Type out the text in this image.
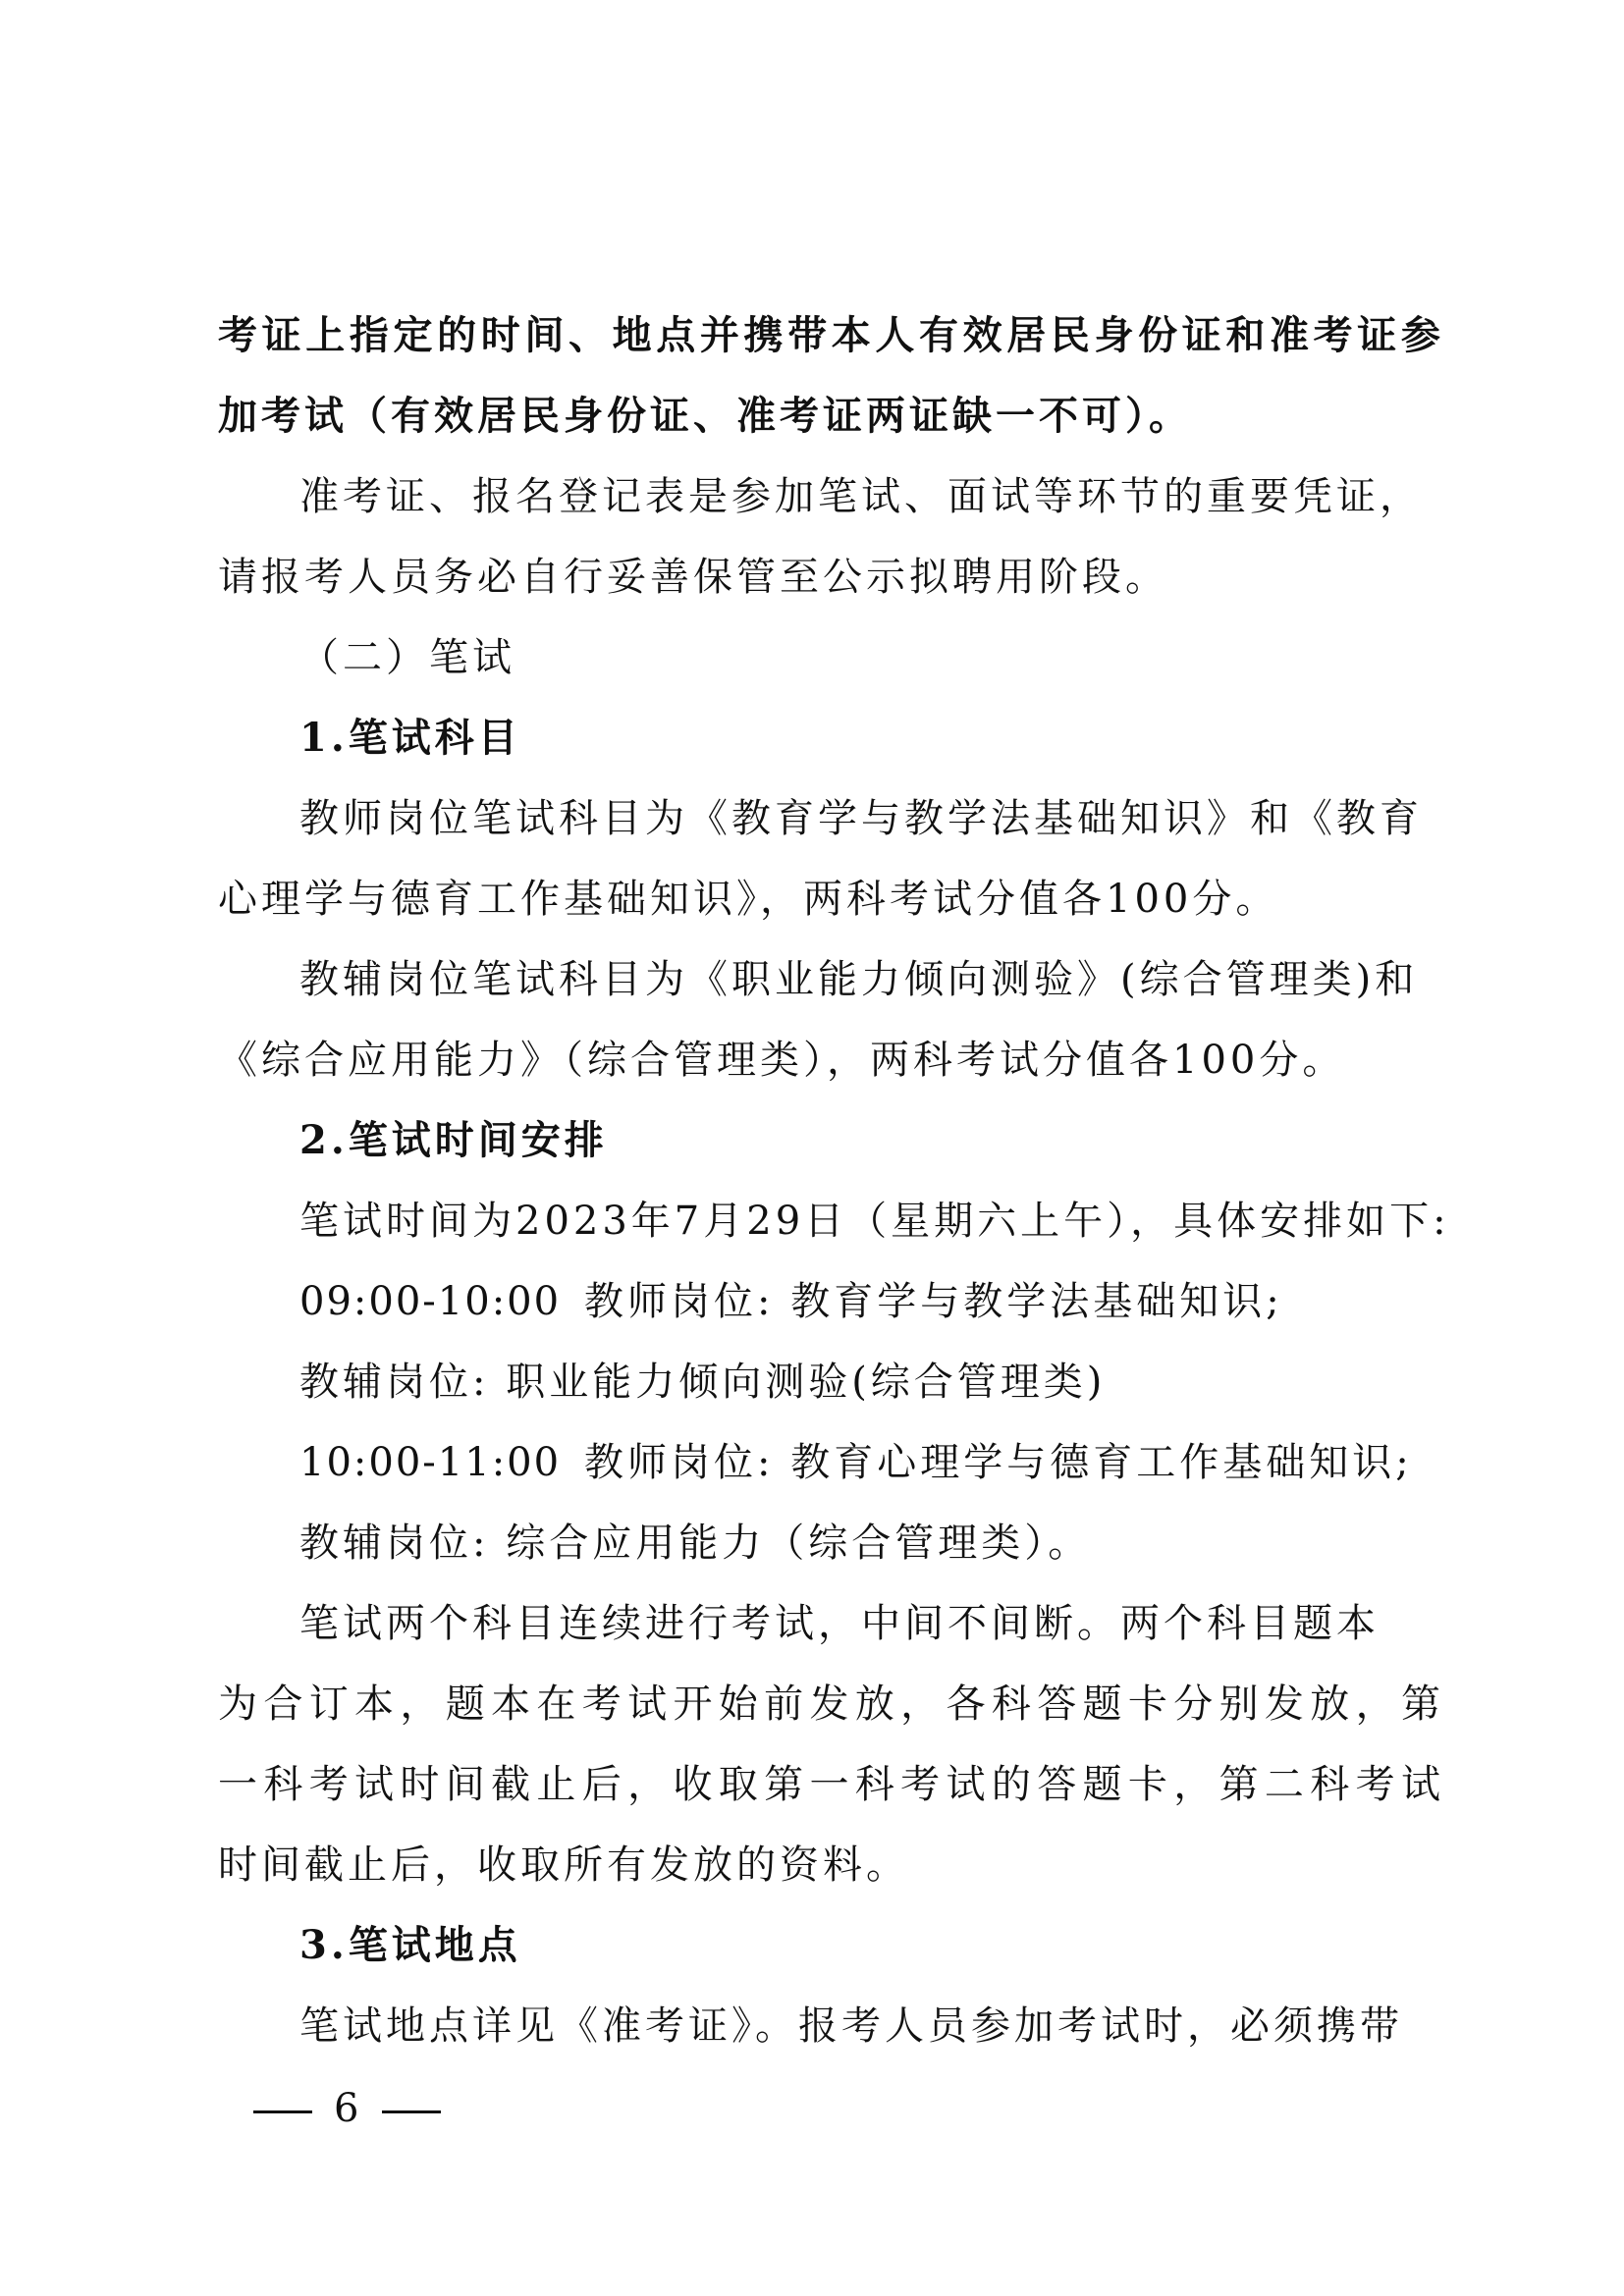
考 证 上 指 定 的 时 间 、 地 点 并 携 带 本 人 有 效 居 民 身 份 证 和 准 考 证 参
加考试（有效居民身份证、准考证两证缺一不可）。
准考证、报名登记表是参加笔试、面试等环节的重要凭证，
请报考人员务必自行妥善保管至公示拟聘用阶段。
（二）笔试
1.笔试科目
教师岗位笔试科目为《教育学与教学法基础知识》和《教育
心理学与德育工作基础知识》，两科考试分值各100分。
教辅岗位笔试科目为《职业能力倾向测验》(综合管理类)和
《综合应用能力》（综合管理类），两科考试分值各100分。
2.笔试时间安排
笔试时间为2023年7月29日（星期六上午），具体安排如下:
09:00-10:00 教师岗位: 教育学与教学法基础知识;
教辅岗位: 职业能力倾向测验(综合管理类)
10:00-11:00 教师岗位: 教育心理学与德育工作基础知识;
教辅岗位: 综合应用能力（综合管理类）。
笔试两个科目连续进行考试，中间不间断。两个科目题本
为 合 订 本 ， 题 本 在 考 试 开 始 前 发 放 ， 各 科 答 题 卡 分 别 发 放 ， 第
一 科 考 试 时 间 截 止 后 ， 收 取 第 一 科 考 试 的 答 题 卡 ， 第 二 科 考 试
时间截止后，收取所有发放的资料。
3.笔试地点
笔试地点详见《准考证》。报考人员参加考试时，必须携带
6
